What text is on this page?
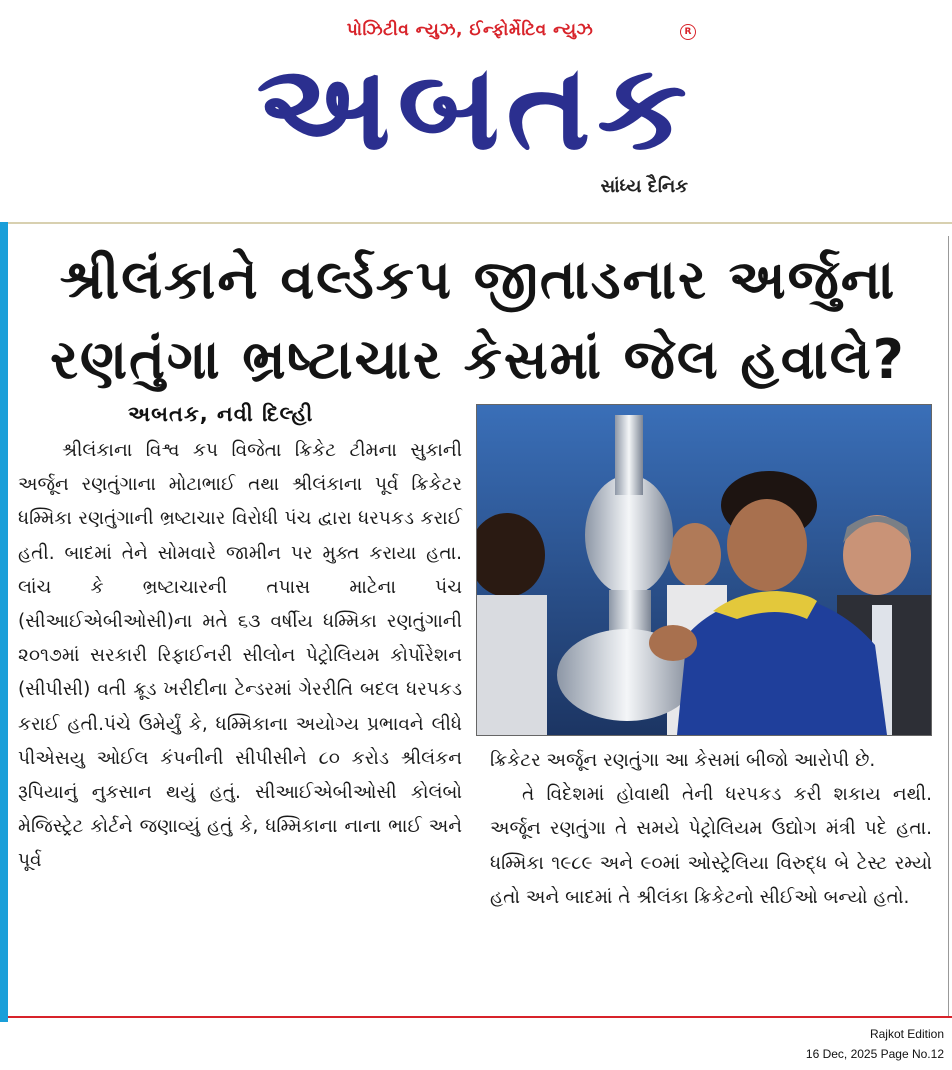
પોઝિટીવ ન્યુઝ, ઈન્ફોર્મેટિવ ન્યુઝ	R
અબતક
સાંધ્ય દૈનિક
શ્રીલંકાને વર્લ્ડકપ જીતાડનાર અર્જુના
રણતુંગા ભ્રષ્ટાચાર કેસમાં જેલ હવાલે?
અબતક, નવી દિલ્હી

શ્રીલંકાના વિશ્વ કપ વિજેતા ક્રિકેટ ટીમના સુકાની અર્જૂન રણતુંગાના મોટાભાઈ તથા શ્રીલંકાના પૂર્વ ક્રિકેટર ધમ્મિકા રણતુંગાની ભ્રષ્ટાચાર વિરોધી પંચ દ્વારા ધરપકડ કરાઈ હતી. બાદમાં તેને સોમવારે જામીન પર મુક્ત કરાયા હતા. લાંચ કે ભ્રષ્ટાચારની તપાસ માટેના પંચ (સીઆઈએબીઓસી)ના મતે ૬૩ વર્ષીય ધમ્મિકા રણતુંગાની ૨૦૧૭માં સરકારી રિફાઈનરી સીલોન પેટ્રોલિયમ કોર્પોરેશન (સીપીસી) વતી ક્રૂડ ખરીદીના ટેન્ડરમાં ગેરરીતિ બદલ ધરપકડ કરાઈ હતી.પંચે ઉમેર્યું કે, ધમ્મિકાના અયોગ્ય પ્રભાવને લીધે પીએસયુ ઓઈલ કંપનીની સીપીસીને ૮૦ કરોડ શ્રીલંકન રૂપિયાનું નુકસાન થયું હતું. સીઆઈએબીઓસી કોલંબો મેજિસ્ટ્રેટ કોર્ટને જણાવ્યું હતું કે, ધમ્મિકાના નાના ભાઈ અને પૂર્વ

ક્રિકેટર અર્જૂન રણતુંગા આ કેસમાં બીજો આરોપી છે.

તે વિદેશમાં હોવાથી તેની ધરપકડ કરી શકાય નથી. અર્જૂન રણતુંગા તે સમયે પેટ્રોલિયમ ઉદ્યોગ મંત્રી પદે હતા. ધમ્મિકા ૧૯૮૯ અને ૯૦માં ઓસ્ટ્રેલિયા વિરુદ્ધ બે ટેસ્ટ રમ્યો હતો અને બાદમાં તે શ્રીલંકા ક્રિકેટનો સીઈઓ બન્યો હતો.

Rajkot Edition
16 Dec, 2025 Page No.12
